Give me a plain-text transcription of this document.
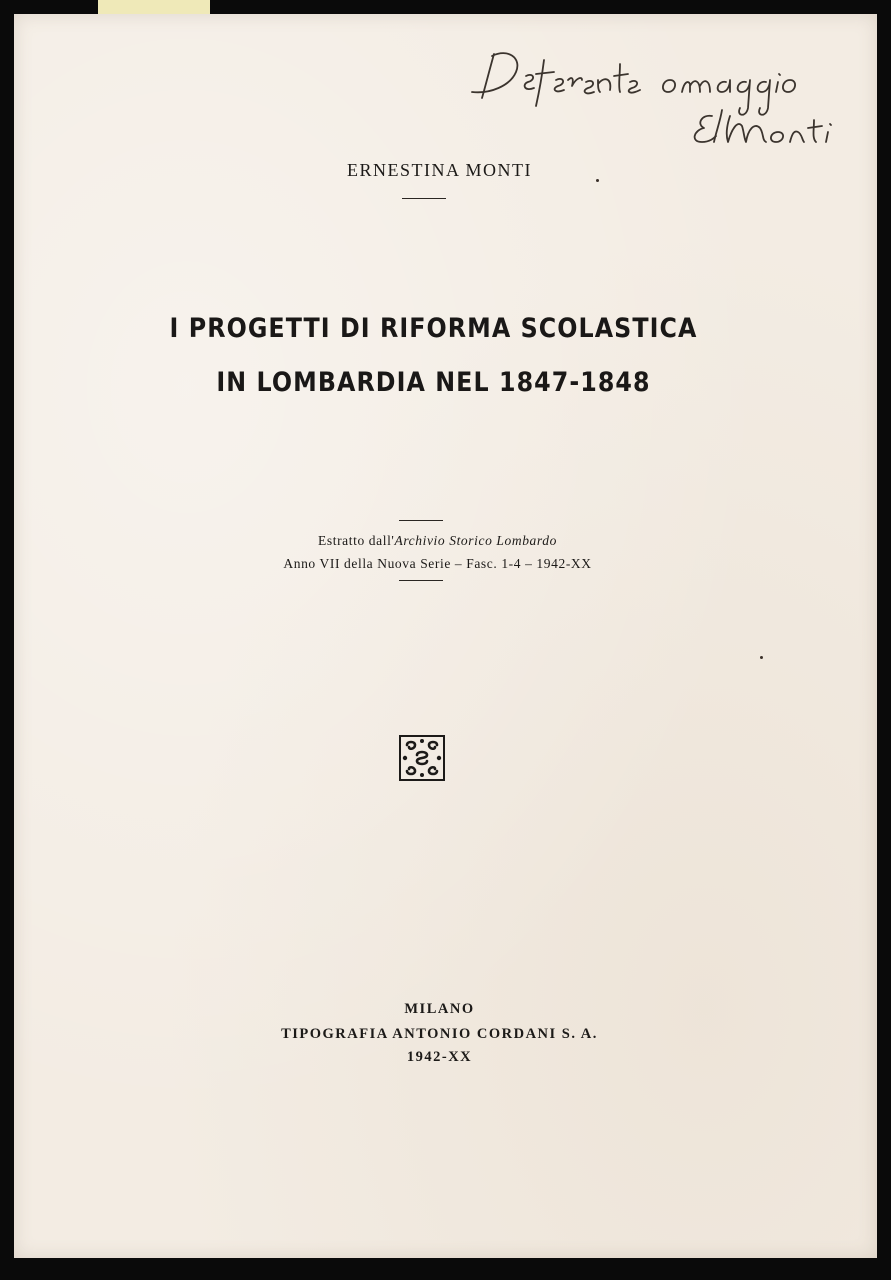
ERNESTINA MONTI
I PROGETTI DI RIFORMA SCOLASTICA
IN LOMBARDIA NEL 1847-1848
Estratto dall'Archivio Storico Lombardo
Anno VII della Nuova Serie – Fasc. 1-4 – 1942-XX
MILANO
TIPOGRAFIA ANTONIO CORDANI S. A.
1942-XX
